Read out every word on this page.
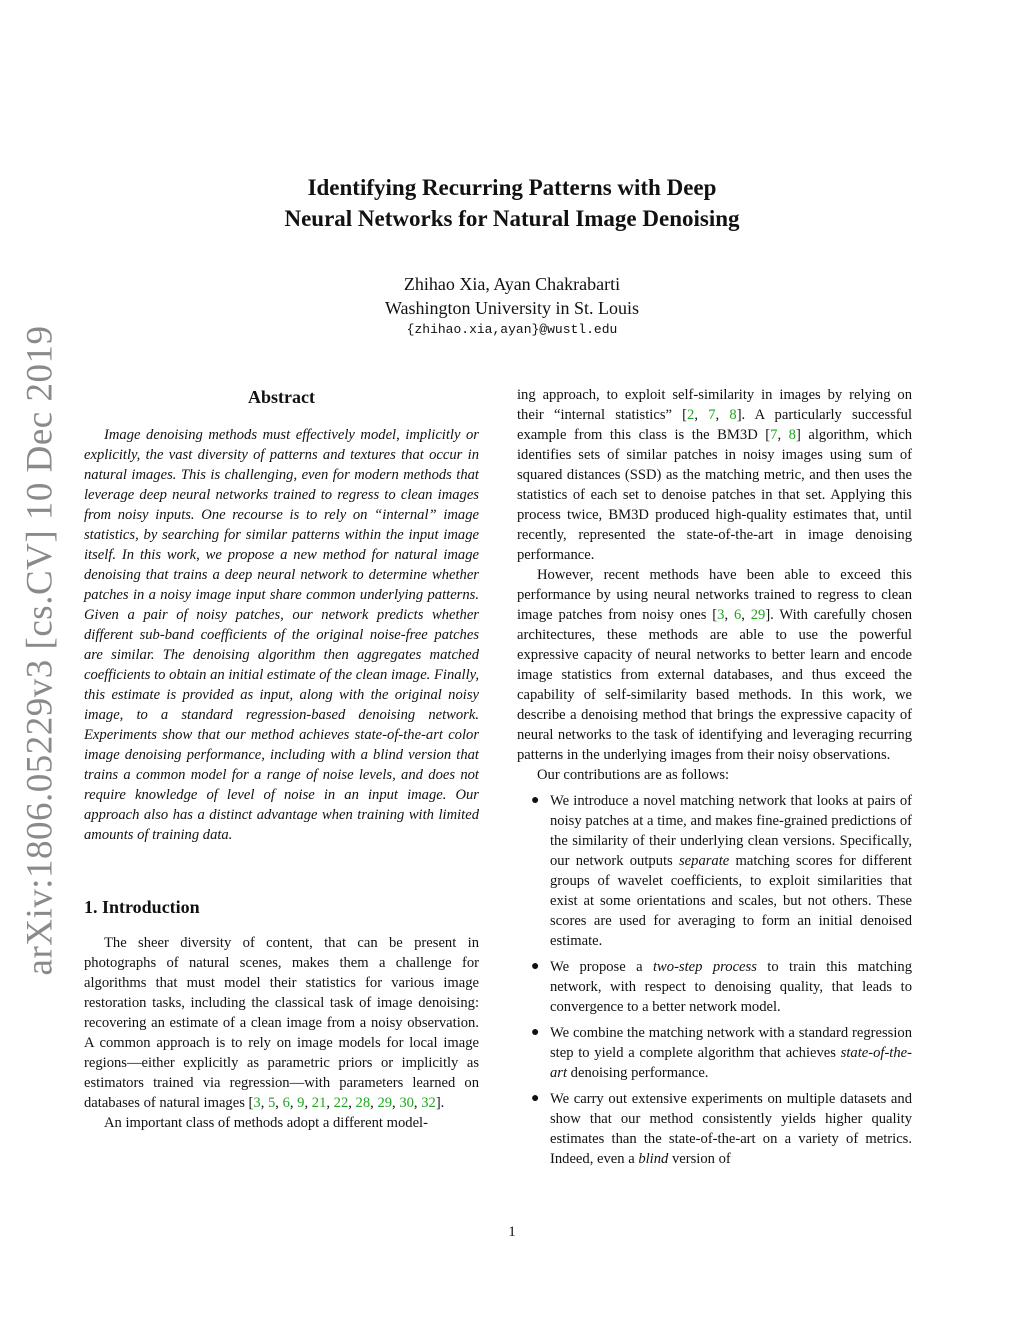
arXiv:1806.05229v3 [cs.CV] 10 Dec 2019
Identifying Recurring Patterns with Deep
Neural Networks for Natural Image Denoising
Zhihao Xia, Ayan Chakrabarti
Washington University in St. Louis
{zhihao.xia,ayan}@wustl.edu
Abstract

Image denoising methods must effectively model, implicitly or explicitly, the vast diversity of patterns and textures that occur in natural images. This is challenging, even for modern methods that leverage deep neural networks trained to regress to clean images from noisy inputs. One recourse is to rely on “internal” image statistics, by searching for similar patterns within the input image itself. In this work, we propose a new method for natural image denoising that trains a deep neural network to determine whether patches in a noisy image input share common underlying patterns. Given a pair of noisy patches, our network predicts whether different sub-band coefficients of the original noise-free patches are similar. The denoising algorithm then aggregates matched coefficients to obtain an initial estimate of the clean image. Finally, this estimate is provided as input, along with the original noisy image, to a standard regression-based denoising network. Experiments show that our method achieves state-of-the-art color image denoising performance, including with a blind version that trains a common model for a range of noise levels, and does not require knowledge of level of noise in an input image. Our approach also has a distinct advantage when training with limited amounts of training data.

1. Introduction

The sheer diversity of content, that can be present in photographs of natural scenes, makes them a challenge for algorithms that must model their statistics for various image restoration tasks, including the classical task of image denoising: recovering an estimate of a clean image from a noisy observation. A common approach is to rely on image models for local image regions—either explicitly as parametric priors or implicitly as estimators trained via regression—with parameters learned on databases of natural images [3, 5, 6, 9, 21, 22, 28, 29, 30, 32].

An important class of methods adopt a different model-

ing approach, to exploit self-similarity in images by relying on their “internal statistics” [2, 7, 8]. A particularly successful example from this class is the BM3D [7, 8] algorithm, which identifies sets of similar patches in noisy images using sum of squared distances (SSD) as the matching metric, and then uses the statistics of each set to denoise patches in that set. Applying this process twice, BM3D produced high-quality estimates that, until recently, represented the state-of-the-art in image denoising performance.

However, recent methods have been able to exceed this performance by using neural networks trained to regress to clean image patches from noisy ones [3, 6, 29]. With carefully chosen architectures, these methods are able to use the powerful expressive capacity of neural networks to better learn and encode image statistics from external databases, and thus exceed the capability of self-similarity based methods. In this work, we describe a denoising method that brings the expressive capacity of neural networks to the task of identifying and leveraging recurring patterns in the underlying images from their noisy observations.

Our contributions are as follows:

● We introduce a novel matching network that looks at pairs of noisy patches at a time, and makes fine-grained predictions of the similarity of their underlying clean versions. Specifically, our network outputs separate matching scores for different groups of wavelet coefficients, to exploit similarities that exist at some orientations and scales, but not others. These scores are used for averaging to form an initial denoised estimate.
● We propose a two-step process to train this matching network, with respect to denoising quality, that leads to convergence to a better network model.
● We combine the matching network with a standard regression step to yield a complete algorithm that achieves state-of-the-art denoising performance.
● We carry out extensive experiments on multiple datasets and show that our method consistently yields higher quality estimates than the state-of-the-art on a variety of metrics. Indeed, even a blind version of
1
